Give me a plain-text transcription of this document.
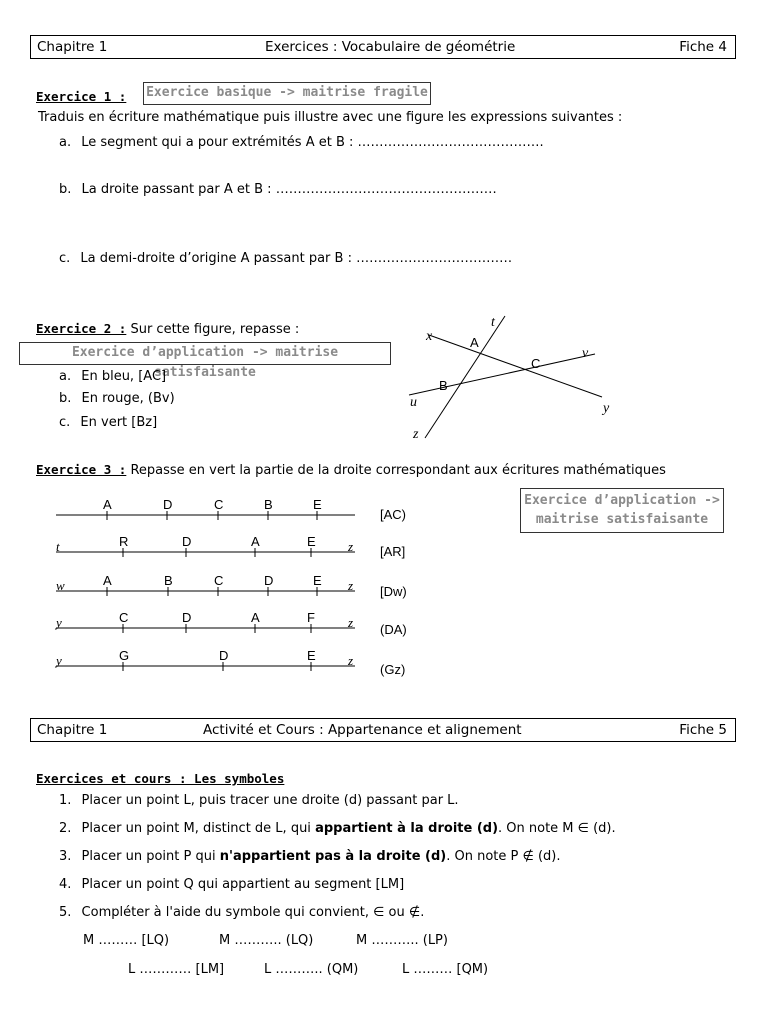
Chapitre 1	Exercices : Vocabulaire de géométrie	Fiche 4
Exercice 1 : Exercice basique -> maitrise fragile
Traduis en écriture mathématique puis illustre avec une figure les expressions suivantes :
a. Le segment qui a pour extrémités A et B : …………………………………….
b. La droite passant par A et B : ……………………………………………
c. La demi-droite d’origine A passant par B : ………………………………
Exercice 2 : Sur cette figure, repasse :
Exercice d’application -> maitrise satisfaisante
a. En bleu, [AC]
b. En rouge, (Bv)
c. En vert [Bz]
x
t
A
C
v
B
u	y
z
Exercice 3 : Repasse en vert la partie de la droite correspondant aux écritures mathématiques
Exercice d’application ->
maitrise satisfaisante
A	D	C	B	E
[AC)
t	R	D	A	E z [AR]
w	A	B	C	D	E z [Dw)
y	C	D	A	F	z (DA)
y	G	D	E z
(Gz)
Chapitre 1	Activité et Cours : Appartenance et alignement	Fiche 5
Exercices et cours : Les symboles
1. Placer un point L, puis tracer une droite (d) passant par L.
2. Placer un point M, distinct de L, qui appartient à la droite (d). On note M ∈ (d).
3. Placer un point P qui n'appartient pas à la droite (d). On note P ∉ (d).
4. Placer un point Q qui appartient au segment [LM]
5. Compléter à l'aide du symbole qui convient, ∈ ou ∉.
M ……… [LQ)	M ……….. (LQ)	M ……….. (LP)
L ………… [LM]	L ……….. (QM)	L ……… [QM)
